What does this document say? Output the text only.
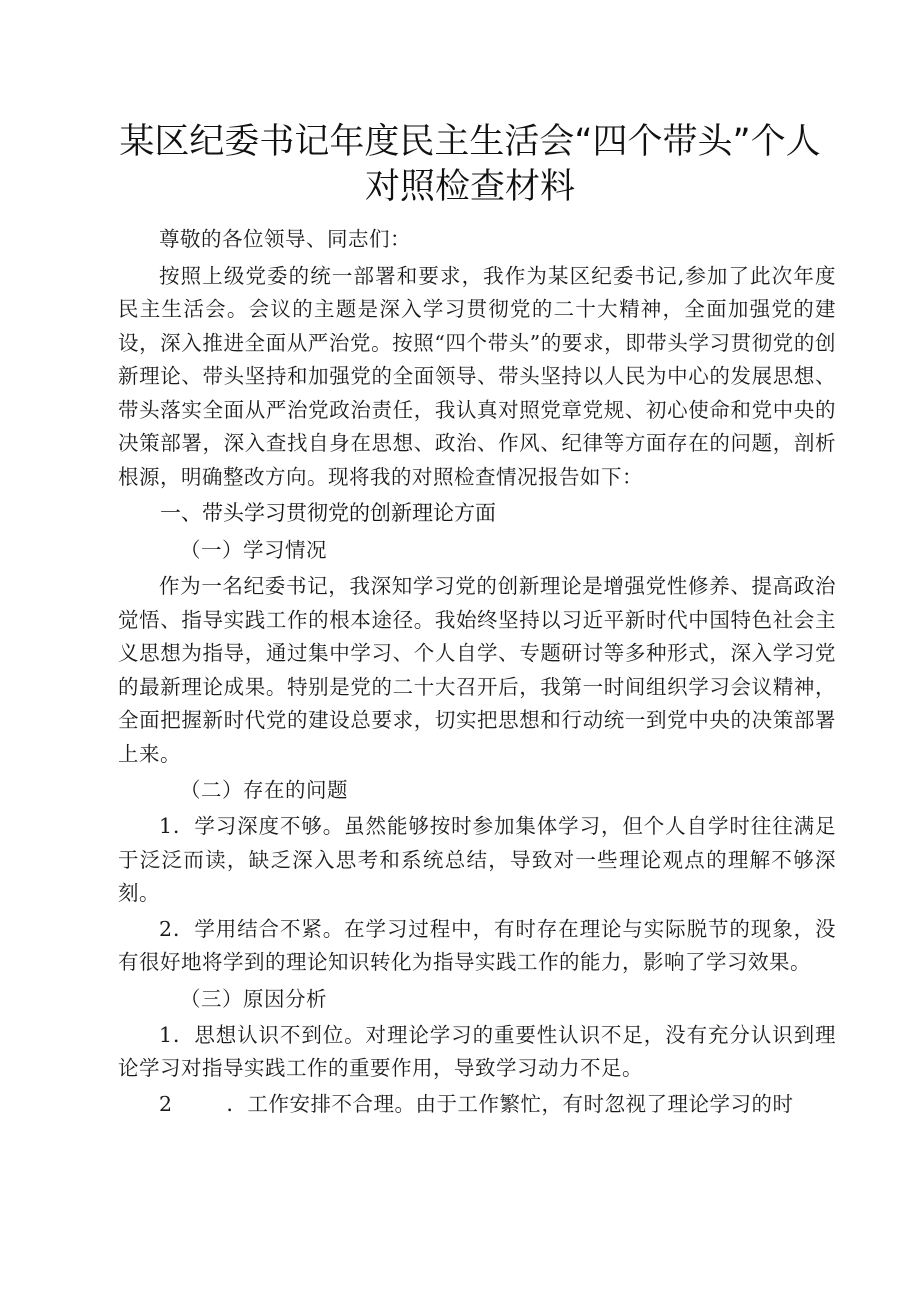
某区纪委书记年度民主生活会“四个带头”个人对照检查材料

尊敬的各位领导、同志们：

按照上级党委的统一部署和要求，我作为某区纪委书记,参加了此次年度民主生活会。会议的主题是深入学习贯彻党的二十大精神，全面加强党的建设，深入推进全面从严治党。按照“四个带头”的要求，即带头学习贯彻党的创新理论、带头坚持和加强党的全面领导、带头坚持以人民为中心的发展思想、带头落实全面从严治党政治责任，我认真对照党章党规、初心使命和党中央的决策部署，深入查找自身在思想、政治、作风、纪律等方面存在的问题，剖析根源，明确整改方向。现将我的对照检查情况报告如下：

一、带头学习贯彻党的创新理论方面

（一）学习情况

作为一名纪委书记，我深知学习党的创新理论是增强党性修养、提高政治觉悟、指导实践工作的根本途径。我始终坚持以习近平新时代中国特色社会主义思想为指导，通过集中学习、个人自学、专题研讨等多种形式，深入学习党的最新理论成果。特别是党的二十大召开后，我第一时间组织学习会议精神，全面把握新时代党的建设总要求，切实把思想和行动统一到党中央的决策部署上来。

（二）存在的问题

1．学习深度不够。虽然能够按时参加集体学习，但个人自学时往往满足于泛泛而读，缺乏深入思考和系统总结，导致对一些理论观点的理解不够深刻。

2．学用结合不紧。在学习过程中，有时存在理论与实际脱节的现象，没有很好地将学到的理论知识转化为指导实践工作的能力，影响了学习效果。

（三）原因分析

1．思想认识不到位。对理论学习的重要性认识不足，没有充分认识到理论学习对指导实践工作的重要作用，导致学习动力不足。

2	．工作安排不合理。由于工作繁忙，有时忽视了理论学习的时
